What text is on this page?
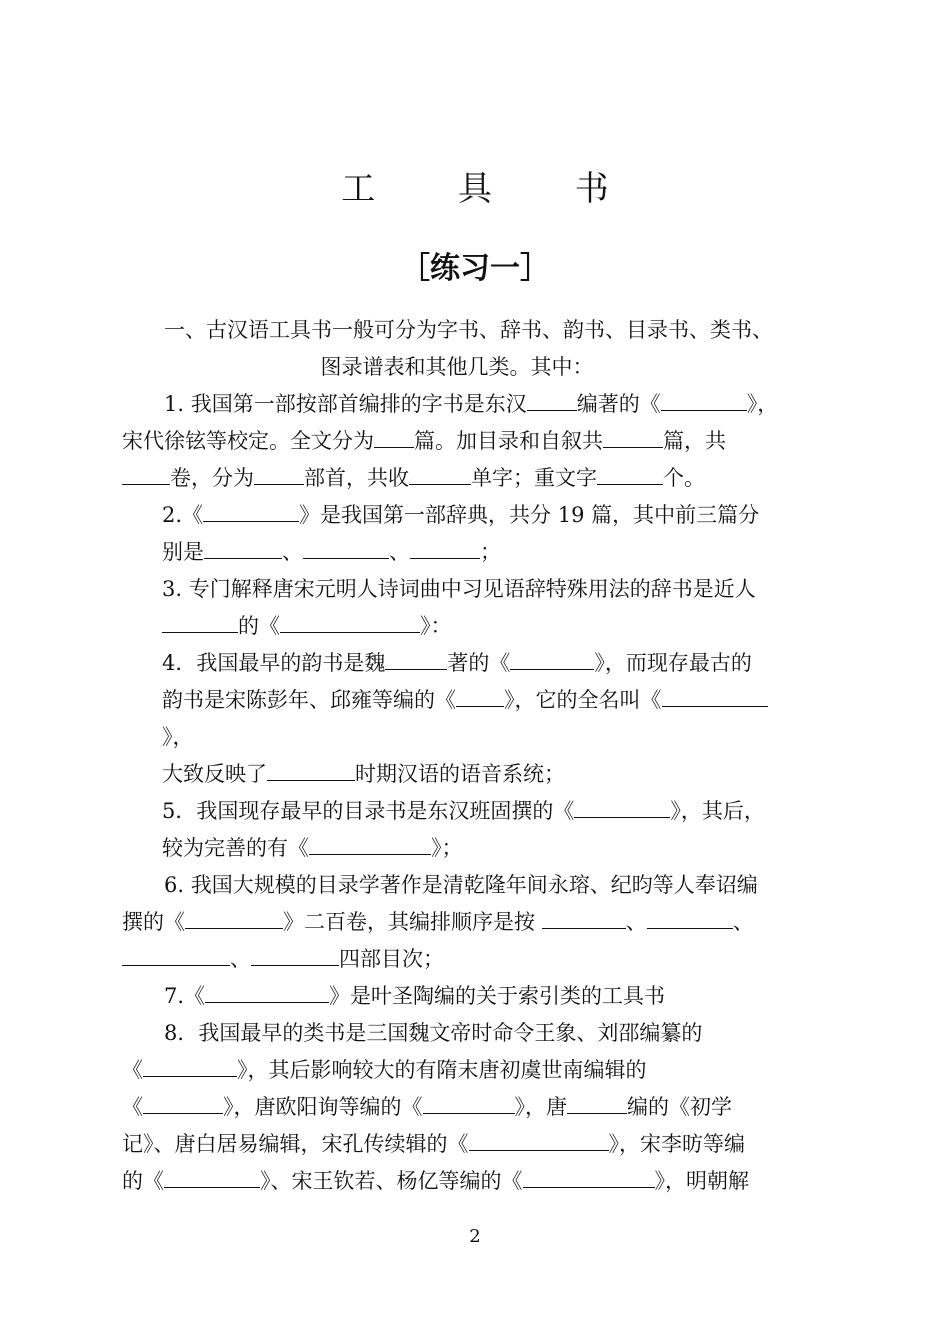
工 具 书
［练习一］

一、古汉语工具书一般可分为字书、辞书、韵书、目录书、类书、

图录谱表和其他几类。其中：

1. 我国第一部按部首编排的字书是东汉 编著的《	》，
宋代徐铉等校定。全文分为 篇。加目录和自叙共	篇，共
卷，分为 部首，共收	单字；重文字	个。

2.《	》是我国第一部辞典，共分 19 篇，其中前三篇分
别是	、	、	；

3. 专门解释唐宋元明人诗词曲中习见语辞特殊用法的辞书是近人
的《	》：

4．我国最早的韵书是魏	著的《	》，而现存最古的
韵书是宋陈彭年、邱雍等编的《 》，它的全名叫《》，
大致反映了	时期汉语的语音系统；

5．我国现存最早的目录书是东汉班固撰的《	》，其后，
较为完善的有《	》；

6. 我国大规模的目录学著作是清乾隆年间永瑢、纪昀等人奉诏编
撰的《	》二百卷，其编排顺序是按	、	、
、	四部目次；

7.《	》是叶圣陶编的关于索引类的工具书

8．我国最早的类书是三国魏文帝时命令王象、刘邵编纂的
《	》，其后影响较大的有隋末唐初虞世南编辑的
《	》，唐欧阳询等编的《	》，唐	编的《初学
记》、唐白居易编辑，宋孔传续辑的《	》，宋李昉等编
的《	》、宋王钦若、杨亿等编的《	》，明朝解

2
